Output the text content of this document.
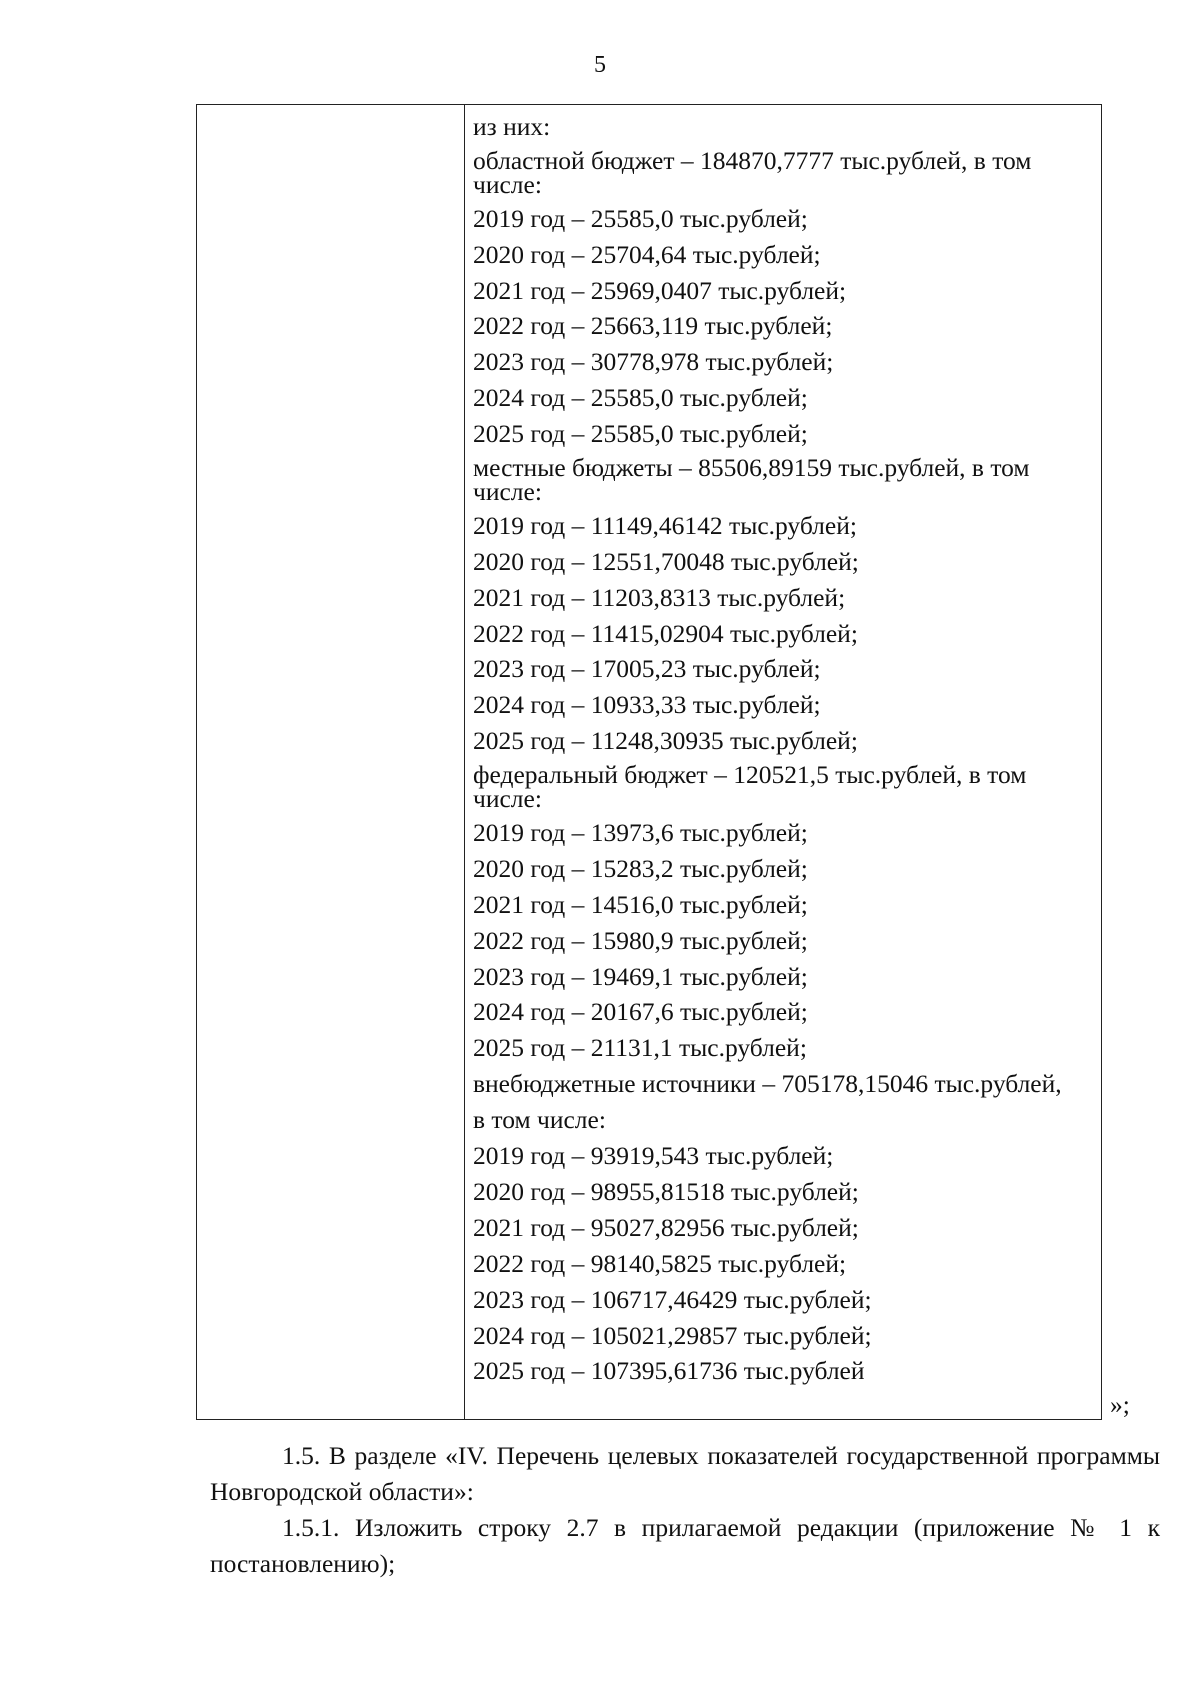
5
из них:
областной бюджет – 184870,7777 тыс.рублей, в том числе:
2019 год – 25585,0 тыс.рублей;
2020 год – 25704,64 тыс.рублей;
2021 год – 25969,0407 тыс.рублей;
2022 год – 25663,119 тыс.рублей;
2023 год – 30778,978 тыс.рублей;
2024 год – 25585,0 тыс.рублей;
2025 год – 25585,0 тыс.рублей;
местные бюджеты – 85506,89159 тыс.рублей, в том числе:
2019 год – 11149,46142 тыс.рублей;
2020 год – 12551,70048 тыс.рублей;
2021 год – 11203,8313 тыс.рублей;
2022 год – 11415,02904 тыс.рублей;
2023 год – 17005,23 тыс.рублей;
2024 год – 10933,33 тыс.рублей;
2025 год – 11248,30935 тыс.рублей;
федеральный бюджет – 120521,5 тыс.рублей, в том числе:
2019 год – 13973,6 тыс.рублей;
2020 год – 15283,2 тыс.рублей;
2021 год – 14516,0 тыс.рублей;
2022 год – 15980,9 тыс.рублей;
2023 год – 19469,1 тыс.рублей;
2024 год – 20167,6 тыс.рублей;
2025 год – 21131,1 тыс.рублей;
внебюджетные источники – 705178,15046 тыс.рублей,
в том числе:
2019 год – 93919,543 тыс.рублей;
2020 год – 98955,81518 тыс.рублей;
2021 год – 95027,82956 тыс.рублей;
2022 год – 98140,5825 тыс.рублей;
2023 год – 106717,46429 тыс.рублей;
2024 год – 105021,29857 тыс.рублей;
2025 год – 107395,61736 тыс.рублей
»;
1.5. В разделе «IV. Перечень целевых показателей государственной программы Новгородской области»:
1.5.1. Изложить строку 2.7 в прилагаемой редакции (приложение № 1 к постановлению);
